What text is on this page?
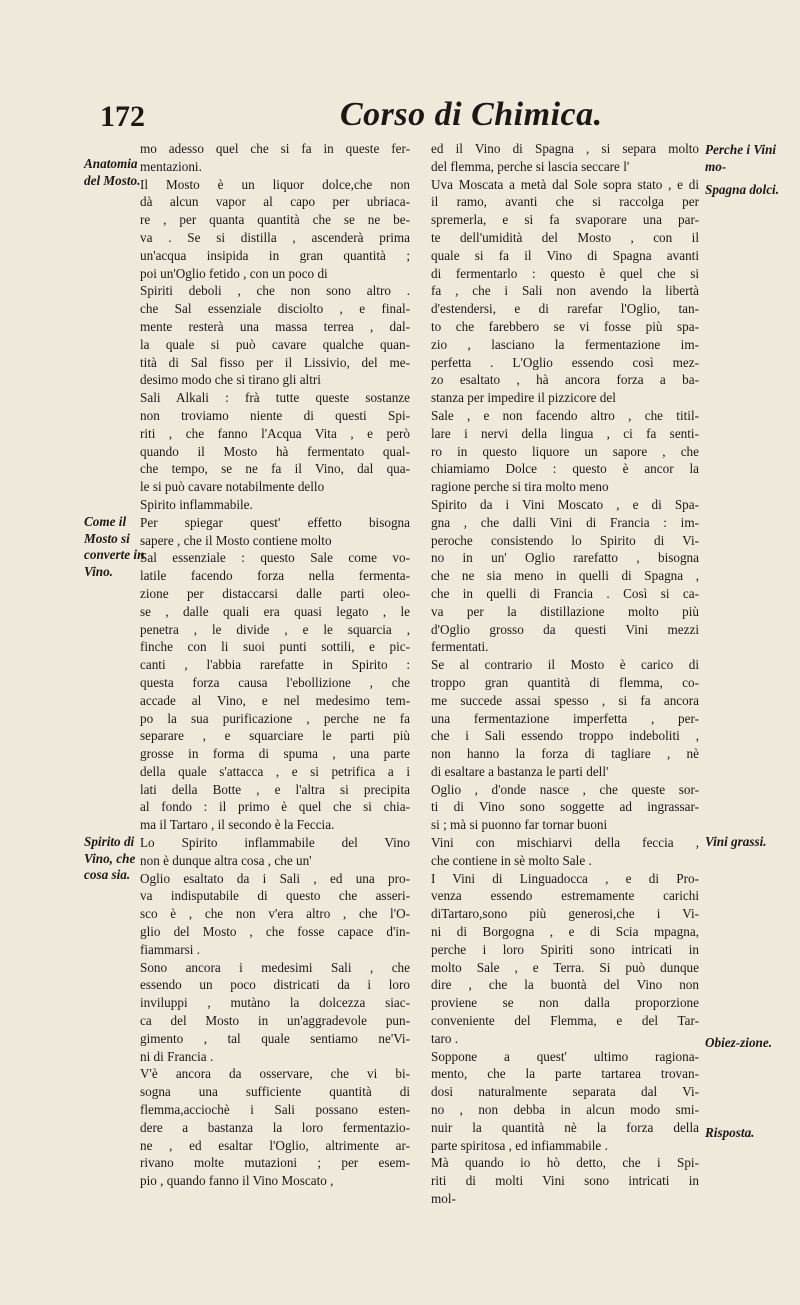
172	Corso di Chimica.
mo adesso quel che si fa in queste fer-
mentazioni.
Il Mosto è un liquor dolce,che non
dà alcun vapor al capo per ubriaca-
re , per quanta quantità che se ne be-
va . Se si distilla , ascenderà prima
un'acqua insipida in gran quantità ;
poi un'Oglio fetido , con un poco di
Spiriti deboli , che non sono altro .
che Sal essenziale disciolto , e final-
mente resterà una massa terrea , dal-
la quale si può cavare qualche quan-
tità di Sal fisso per il Lissivio, del me-
desimo modo che si tirano gli altri
Sali Alkali : frà tutte queste sostanze
non troviamo niente di questi Spi-
riti , che fanno l'Acqua Vita , e però
quando il Mosto hà fermentato qual-
che tempo, se ne fa il Vino, dal qua-
le si può cavare notabilmente dello
Spirito inflammabile.
Per spiegar quest' effetto bisogna
sapere , che il Mosto contiene molto
Sal essenziale : questo Sale come vo-
latile facendo forza nella fermenta-
zione per distaccarsi dalle parti oleo-
se , dalle quali era quasi legato , le
penetra , le divide , e le squarcia ,
finche con li suoi punti sottili, e pic-
canti , l'abbia rarefatte in Spirito :
questa forza causa l'ebollizione , che
accade al Vino, e nel medesimo tem-
po la sua purificazione , perche ne fa
separare , e squarciare le parti più
grosse in forma di spuma , una parte
della quale s'attacca , e si petrifica a i
lati della Botte , e l'altra si precipita
al fondo : il primo è quel che si chia-
ma il Tartaro , il secondo è la Feccia.
Lo Spirito inflammabile del Vino
non è dunque altra cosa , che un'
Oglio esaltato da i Sali , ed una pro-
va indisputabile di questo che asseri-
sco è , che non v'era altro , che l'O-
glio del Mosto , che fosse capace d'in-
fiammarsi .
Sono ancora i medesimi Sali , che
essendo un poco districati da i loro
inviluppi , mutàno la dolcezza siac-
ca del Mosto in un'aggradevole pun-
gimento , tal quale sentiamo ne'Vi-
ni di Francia .
V'è ancora da osservare, che vi bi-
sogna una sufficiente quantità di
flemma,acciochè i Sali possano esten-
dere a bastanza la loro fermentazio-
ne , ed esaltar l'Oglio, altrimente ar-
rivano molte mutazioni ; per esem-
pio , quando fanno il Vino Moscato ,
ed il Vino di Spagna , si separa molto
del flemma, perche si lascia seccare l'
Uva Moscata a metà dal Sole sopra stato , e di
il ramo, avanti che si raccolga per
spremerla, e si fa svaporare una par-
te dell'umidità del Mosto , con il
quale si fa il Vino di Spagna avanti
di fermentarlo : questo è quel che si
fa , che i Sali non avendo la libertà
d'estendersi, e di rarefar l'Oglio, tan-
to che farebbero se vi fosse più spa-
zio , lasciano la fermentazione im-
perfetta . L'Oglio essendo così mez-
zo esaltato , hà ancora forza a ba-
stanza per impedire il pizzicore del
Sale , e non facendo altro , che titil-
lare i nervi della lingua , ci fa senti-
ro in questo liquore un sapore , che
chiamiamo Dolce : questo è ancor la
ragione perche si tira molto meno
Spirito da i Vini Moscato , e di Spa-
gna , che dalli Vini di Francia : im-
peroche consistendo lo Spirito di Vi-
no in un' Oglio rarefatto , bisogna
che ne sia meno in quelli di Spagna ,
che in quelli di Francia . Così si ca-
va per la distillazione molto più
d'Oglio grosso da questi Vini mezzi
fermentati.
Se al contrario il Mosto è carico di
troppo gran quantità di flemma, co-
me succede assai spesso , si fa ancora
una fermentazione imperfetta , per-
che i Sali essendo troppo indeboliti ,
non hanno la forza di tagliare , nè
di esaltare a bastanza le parti dell'
Oglio , d'onde nasce , che queste sor-
ti di Vino sono soggette ad ingrassar-
si ; mà si puonno far tornar buoni
Vini con mischiarvi della feccia ,
che contiene in sè molto Sale .
I Vini di Linguadocca , e di Pro-
venza essendo estremamente carichi
diTartaro,sono più generosi,che i Vi-
ni di Borgogna , e di Scia mpagna,
perche i loro Spiriti sono intricati in
molto Sale , e Terra. Si può dunque
dire , che la buontà del Vino non
proviene se non dalla proporzione
conveniente del Flemma, e del Tar-
taro .
Soppone a quest' ultimo ragiona-
mento, che la parte tartarea trovan-
dosi naturalmente separata dal Vi-
no , non debba in alcun modo smi-
nuir la quantità nè la forza della
parte spiritosa , ed infiammabile .
Mà quando io hò detto, che i Spi-
riti di molti Vini sono intricati in
mol-
Anatomia del Mosto.
Come il Mosto si converte in Vino.
Spirito di Vino, che cosa sia.
Perche i Vini mo-
Spagna dolci.
Vini grassi.
Obiez-zione.
Risposta.
